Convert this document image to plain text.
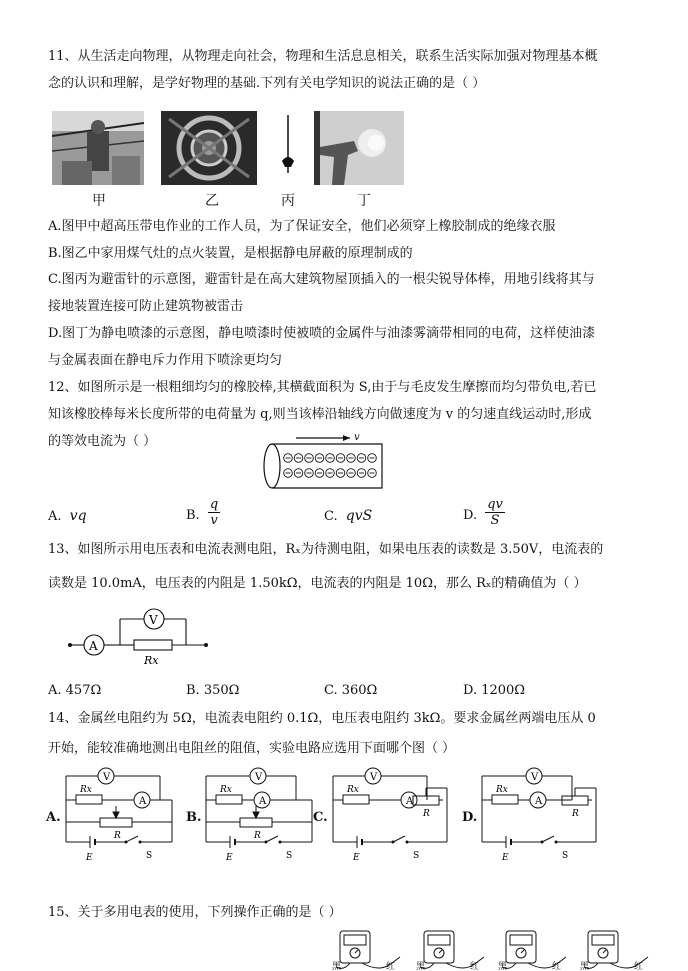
11、从生活走向物理，从物理走向社会，物理和生活息息相关，联系生活实际加强对物理基本概
念的认识和理解，是学好物理的基础.下列有关电学知识的说法正确的是（ ）
甲	乙	丙	丁
A.图甲中超高压带电作业的工作人员，为了保证安全，他们必须穿上橡胶制成的绝缘衣服
B.图乙中家用煤气灶的点火装置，是根据静电屏蔽的原理制成的
C.图丙为避雷针的示意图，避雷针是在高大建筑物屋顶插入的一根尖锐导体棒，用地引线将其与
接地装置连接可防止建筑物被雷击
D.图丁为静电喷漆的示意图，静电喷漆时使被喷的金属件与油漆雾滴带相同的电荷，这样使油漆
与金属表面在静电斥力作用下喷涂更均匀
12、如图所示是一根粗细均匀的橡胶棒,其横截面积为 S,由于与毛皮发生摩擦而均匀带负电,若已
知该橡胶棒每米长度所带的电荷量为 q,则当该棒沿轴线方向做速度为 v 的匀速直线运动时,形成
的等效电流为（ ）	v
A. vq	B. $\frac{q}{v}$	C. qvS	D. $\frac{qv}{S}$
13、如图所示用电压表和电流表测电阻，Rₓ为待测电阻，如果电压表的读数是 3.50V，电流表的
读数是 10.0mA，电压表的内阻是 1.50kΩ，电流表的内阻是 10Ω，那么 Rₓ的精确值为（ ）
A
V
Rx
A. 457Ω	B. 350Ω	C. 360Ω	D. 1200Ω
14、金属丝电阻约为 5Ω，电流表电阻约 0.1Ω，电压表电阻约 3kΩ。要求金属丝两端电压从 0
开始，能较准确地测出电阻丝的阻值，实验电路应选用下面哪个图（ ）
A.
V
A
Rx
R
E	S
B.
V
A
Rx
R
E	S
C.
V
A
Rx
R
E	S
D.
V
A
Rx
R
E	S
15、关于多用电表的使用，下列操作正确的是（ ）
黑	红 黑	红 黑	红 黑	红
